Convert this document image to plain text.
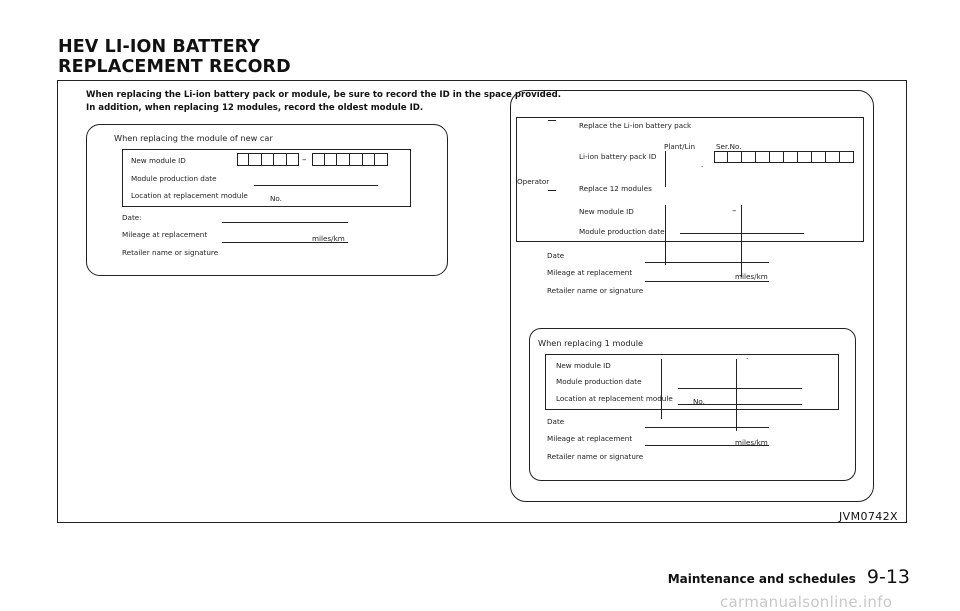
HEV LI-ION BATTERY
REPLACEMENT RECORD
When replacing the Li-ion battery pack or module, be sure to record the ID in the space provided.
In addition, when replacing 12 modules, record the oldest module ID.
When replacing the module of new car
New module ID	–
Module production date
Location at replacement module	No.
Date:
Mileage at replacement	miles/km
Retailer name or signature
Operator
Replace the Li-ion battery pack
Plant/Lin	Ser.No.
Li-ion battery pack ID
.
Replace 12 modules
New module ID	–
Module production date
Date
Mileage at replacement	miles/km
Retailer name or signature
When replacing 1 module
New module ID
.
Module production date
Location at replacement module	No.
Date
Mileage at replacement	miles/km
Retailer name or signature
JVM0742X
Maintenance and schedules 9-13
carmanualsonline.info
